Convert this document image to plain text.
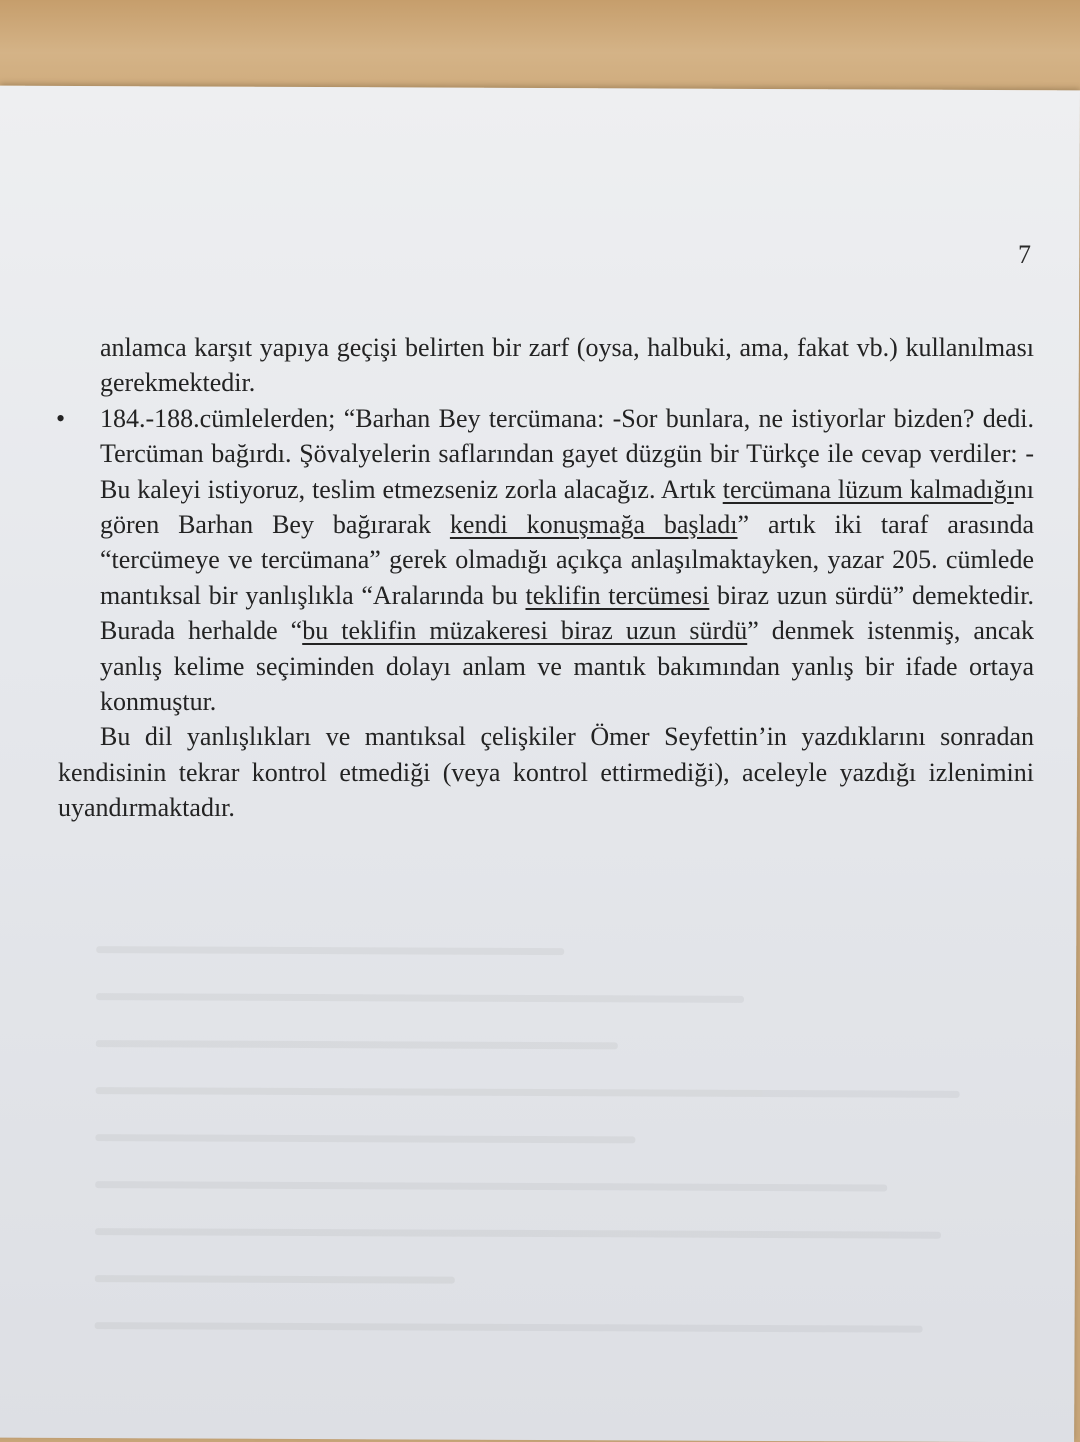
7

anlamca karşıt yapıya geçişi belirten bir zarf (oysa, halbuki, ama, fakat vb.) kullanılması gerekmektedir.

• 184.-188.cümlelerden; “Barhan Bey tercümana: -Sor bunlara, ne istiyorlar bizden? dedi. Tercüman bağırdı. Şövalyelerin saflarından gayet düzgün bir Türkçe ile cevap verdiler: - Bu kaleyi istiyoruz, teslim etmezseniz zorla alacağız. Artık tercümana lüzum kalmadığını gören Barhan Bey bağırarak kendi konuşmağa başladı” artık iki taraf arasında “tercümeye ve tercümana” gerek olmadığı açıkça anlaşılmaktayken, yazar 205. cümlede mantıksal bir yanlışlıkla “Aralarında bu teklifin tercümesi biraz uzun sürdü” demektedir. Burada herhalde “bu teklifin müzakeresi biraz uzun sürdü” denmek istenmiş, ancak yanlış kelime seçiminden dolayı anlam ve mantık bakımından yanlış bir ifade ortaya konmuştur.

Bu dil yanlışlıkları ve mantıksal çelişkiler Ömer Seyfettin’in yazdıklarını sonradan kendisinin tekrar kontrol etmediği (veya kontrol ettirmediği), aceleyle yazdığı izlenimini uyandırmaktadır.
